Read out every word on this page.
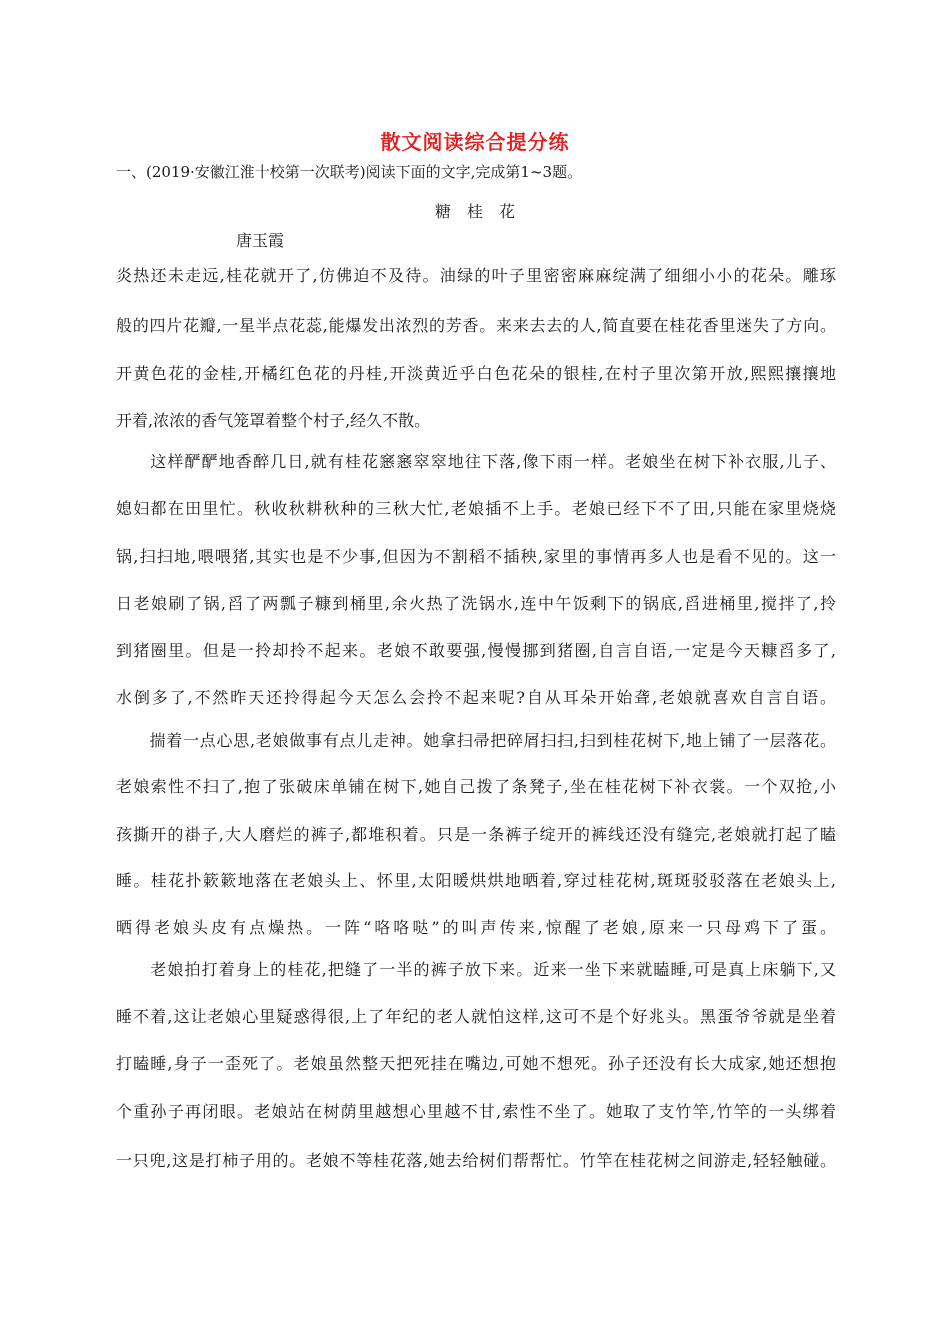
散文阅读综合提分练
一、(2019·安徽江淮十校第一次联考)阅读下面的文字,完成第1~3题。
糖　桂　花
唐玉霞
炎热还未走远,桂花就开了,仿佛迫不及待。油绿的叶子里密密麻麻绽满了细细小小的花朵。雕琢
般的四片花瓣,一星半点花蕊,能爆发出浓烈的芳香。来来去去的人,简直要在桂花香里迷失了方向。
开黄色花的金桂,开橘红色花的丹桂,开淡黄近乎白色花朵的银桂,在村子里次第开放,熙熙攘攘地
开着,浓浓的香气笼罩着整个村子,经久不散。
　　这样酽酽地香醉几日,就有桂花窸窸窣窣地往下落,像下雨一样。老娘坐在树下补衣服,儿子、
媳妇都在田里忙。秋收秋耕秋种的三秋大忙,老娘插不上手。老娘已经下不了田,只能在家里烧烧
锅,扫扫地,喂喂猪,其实也是不少事,但因为不割稻不插秧,家里的事情再多人也是看不见的。这一
日老娘刷了锅,舀了两瓢子糠到桶里,余火热了洗锅水,连中午饭剩下的锅底,舀进桶里,搅拌了,拎
到猪圈里。但是一拎却拎不起来。老娘不敢要强,慢慢挪到猪圈,自言自语,一定是今天糠舀多了,
水倒多了,不然昨天还拎得起今天怎么会拎不起来呢?自从耳朵开始聋,老娘就喜欢自言自语。
　　揣着一点心思,老娘做事有点儿走神。她拿扫帚把碎屑扫扫,扫到桂花树下,地上铺了一层落花。
老娘索性不扫了,抱了张破床单铺在树下,她自己拨了条凳子,坐在桂花树下补衣裳。一个双抢,小
孩撕开的褂子,大人磨烂的裤子,都堆积着。只是一条裤子绽开的裤线还没有缝完,老娘就打起了瞌
睡。桂花扑簌簌地落在老娘头上、怀里,太阳暖烘烘地晒着,穿过桂花树,斑斑驳驳落在老娘头上,
晒得老娘头皮有点燥热。一阵“咯咯哒”的叫声传来,惊醒了老娘,原来一只母鸡下了蛋。
　　老娘拍打着身上的桂花,把缝了一半的裤子放下来。近来一坐下来就瞌睡,可是真上床躺下,又
睡不着,这让老娘心里疑惑得很,上了年纪的老人就怕这样,这可不是个好兆头。黑蛋爷爷就是坐着
打瞌睡,身子一歪死了。老娘虽然整天把死挂在嘴边,可她不想死。孙子还没有长大成家,她还想抱
个重孙子再闭眼。老娘站在树荫里越想心里越不甘,索性不坐了。她取了支竹竿,竹竿的一头绑着
一只兜,这是打柿子用的。老娘不等桂花落,她去给树们帮帮忙。竹竿在桂花树之间游走,轻轻触碰。
